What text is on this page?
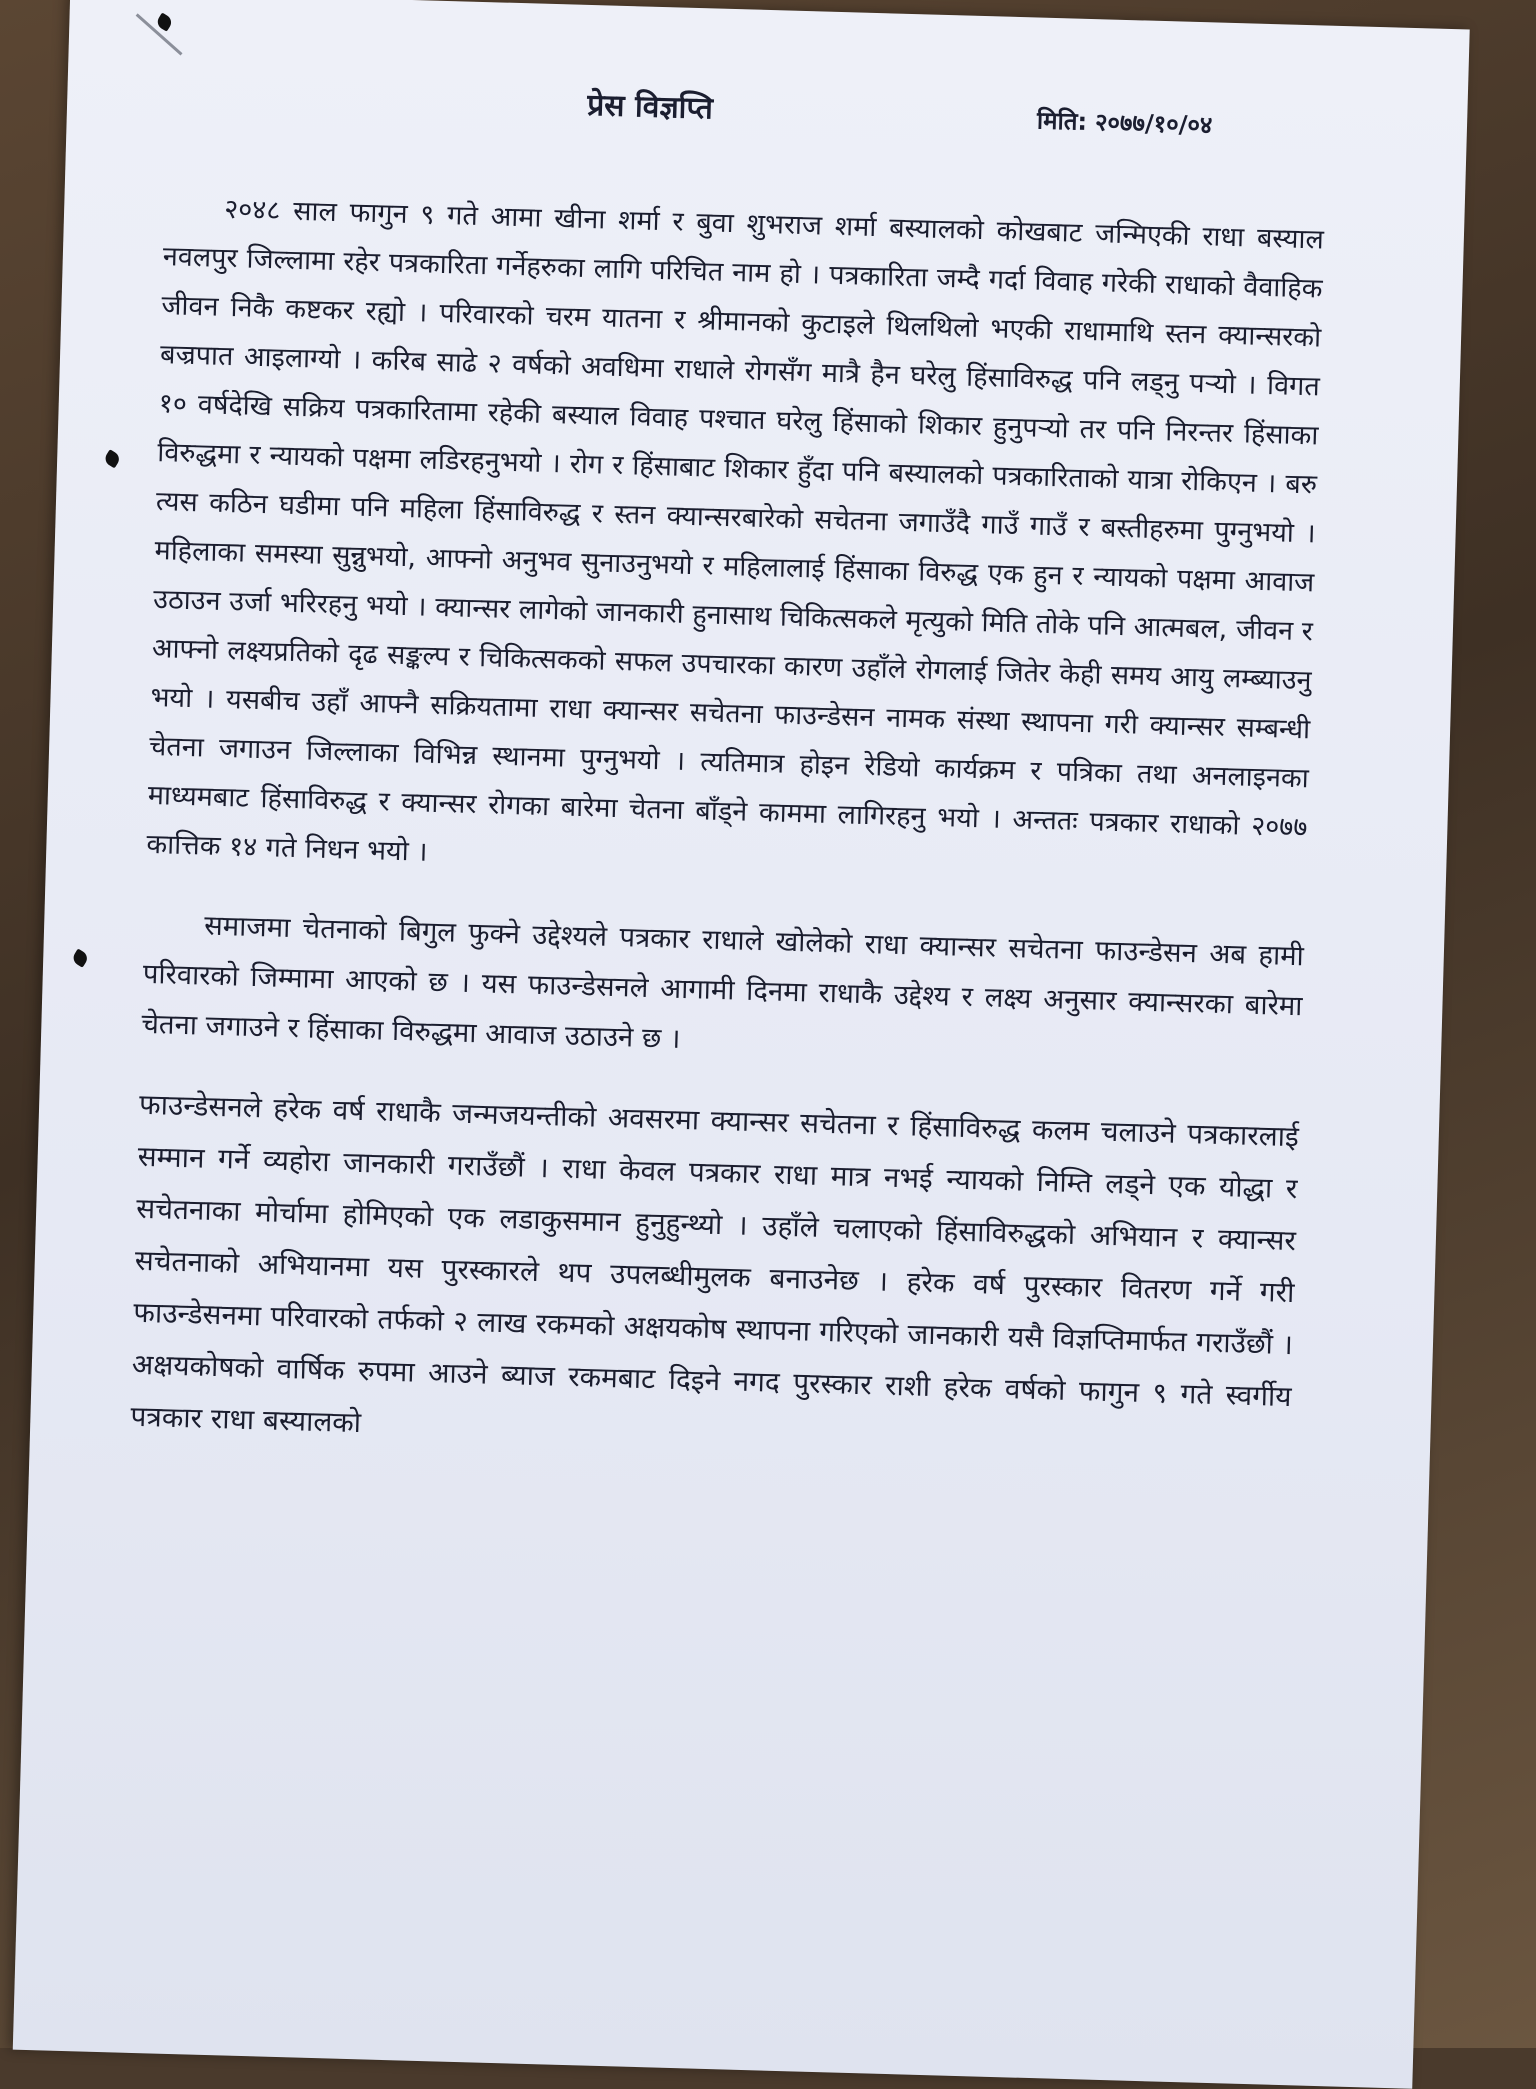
प्रेस विज्ञप्ति	मिति: २०७७/१०/०४

२०४८ साल फागुन ९ गते आमा खीना शर्मा र बुवा शुभराज शर्मा बस्यालको कोखबाट जन्मिएकी राधा बस्याल नवलपुर जिल्लामा रहेर पत्रकारिता गर्नेहरुका लागि परिचित नाम हो । पत्रकारिता जम्दै गर्दा विवाह गरेकी राधाको वैवाहिक जीवन निकै कष्टकर रह्यो । परिवारको चरम यातना र श्रीमानको कुटाइले थिलथिलो भएकी राधामाथि स्तन क्यान्सरको बज्रपात आइलाग्यो । करिब साढे २ वर्षको अवधिमा राधाले रोगसँग मात्रै हैन घरेलु हिंसाविरुद्ध पनि लड्नु पर्‍यो । विगत १० वर्षदेखि सक्रिय पत्रकारितामा रहेकी बस्याल विवाह पश्चात घरेलु हिंसाको शिकार हुनुपर्‍यो तर पनि निरन्तर हिंसाका विरुद्धमा र न्यायको पक्षमा लडिरहनुभयो । रोग र हिंसाबाट शिकार हुँदा पनि बस्यालको पत्रकारिताको यात्रा रोकिएन । बरु त्यस कठिन घडीमा पनि महिला हिंसाविरुद्ध र स्तन क्यान्सरबारेको सचेतना जगाउँदै गाउँ गाउँ र बस्तीहरुमा पुग्नुभयो । महिलाका समस्या सुन्नुभयो, आफ्नो अनुभव सुनाउनुभयो र महिलालाई हिंसाका विरुद्ध एक हुन र न्यायको पक्षमा आवाज उठाउन उर्जा भरिरहनु भयो । क्यान्सर लागेको जानकारी हुनासाथ चिकित्सकले मृत्युको मिति तोके पनि आत्मबल, जीवन र आफ्नो लक्ष्यप्रतिको दृढ सङ्कल्प र चिकित्सकको सफल उपचारका कारण उहाँले रोगलाई जितेर केही समय आयु लम्ब्याउनु भयो । यसबीच उहाँ आफ्नै सक्रियतामा राधा क्यान्सर सचेतना फाउन्डेसन नामक संस्था स्थापना गरी क्यान्सर सम्बन्धी चेतना जगाउन जिल्लाका विभिन्न स्थानमा पुग्नुभयो । त्यतिमात्र होइन रेडियो कार्यक्रम र पत्रिका तथा अनलाइनका माध्यमबाट हिंसाविरुद्ध र क्यान्सर रोगका बारेमा चेतना बाँड्ने काममा लागिरहनु भयो । अन्ततः पत्रकार राधाको २०७७ कात्तिक १४ गते निधन भयो ।

समाजमा चेतनाको बिगुल फुक्ने उद्देश्यले पत्रकार राधाले खोलेको राधा क्यान्सर सचेतना फाउन्डेसन अब हामी परिवारको जिम्मामा आएको छ । यस फाउन्डेसनले आगामी दिनमा राधाकै उद्देश्य र लक्ष्य अनुसार क्यान्सरका बारेमा चेतना जगाउने र हिंसाका विरुद्धमा आवाज उठाउने छ ।

फाउन्डेसनले हरेक वर्ष राधाकै जन्मजयन्तीको अवसरमा क्यान्सर सचेतना र हिंसाविरुद्ध कलम चलाउने पत्रकारलाई सम्मान गर्ने व्यहोरा जानकारी गराउँछौं । राधा केवल पत्रकार राधा मात्र नभई न्यायको निम्ति लड्ने एक योद्धा र सचेतनाका मोर्चामा होमिएको एक लडाकुसमान हुनुहुन्थ्यो । उहाँले चलाएको हिंसाविरुद्धको अभियान र क्यान्सर सचेतनाको अभियानमा यस पुरस्कारले थप उपलब्धीमुलक बनाउनेछ । हरेक वर्ष पुरस्कार वितरण गर्ने गरी फाउन्डेसनमा परिवारको तर्फको २ लाख रकमको अक्षयकोष स्थापना गरिएको जानकारी यसै विज्ञप्तिमार्फत गराउँछौं । अक्षयकोषको वार्षिक रुपमा आउने ब्याज रकमबाट दिइने नगद पुरस्कार राशी हरेक वर्षको फागुन ९ गते स्वर्गीय पत्रकार राधा बस्यालको
